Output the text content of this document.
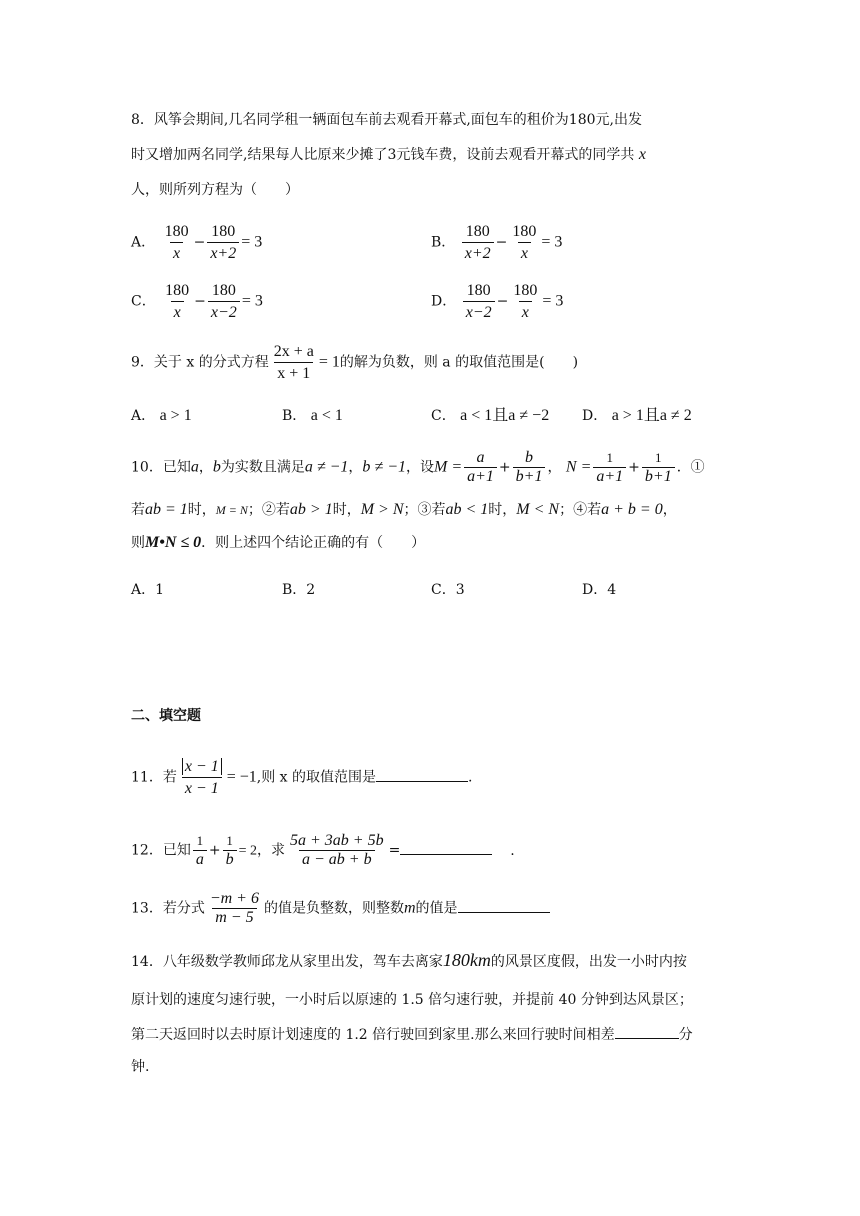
8．风筝会期间,几名同学租一辆面包车前去观看开幕式,面包车的租价为180元,出发
时又增加两名同学,结果每人比原来少摊了3元钱车费，设前去观看开幕式的同学共 x
人，则所列方程为（　　）
A． $\frac{180}{x} - \frac{180}{x+2} = 3$	B． $\frac{180}{x+2} - \frac{180}{x} = 3$
C． $\frac{180}{x} - \frac{180}{x-2} = 3$	D． $\frac{180}{x-2} - \frac{180}{x} = 3$
9．关于 x 的分式方程 $\frac{2x + a}{x + 1} = 1$的解为负数，则 a 的取值范围是(　　)
A． a > 1	B． a < 1	C． a < 1且a ≠ −2 D． a > 1且a ≠ 2
10．已知a，b为实数且满足a ≠ −1，b ≠ −1，设$M = \frac{a}{a+1} + \frac{b}{b+1}$ ， $N = \frac{1}{a+1} + \frac{1}{b+1}$ ．①
若ab = 1时，M = N；②若ab > 1时，M > N；③若ab < 1时，M < N；④若a + b = 0，
则M•N ≤ 0．则上述四个结论正确的有（　　）
A．1	B．2	C．3	D．4
二、填空题
11．若 $\frac{x - 1}{x - 1} = -1$,则 x 的取值范围是	.
12．已知 $\frac{1}{a} + \frac{1}{b} = 2$，求 $\frac{5a + 3ab + 5b}{a - ab + b}$ =	.
13．若分式 $\frac{-m + 6}{m - 5}$ 的值是负整数，则整数m的值是
14．八年级数学教师邱龙从家里出发，驾车去离家180km的风景区度假，出发一小时内按
原计划的速度匀速行驶，一小时后以原速的 1.5 倍匀速行驶，并提前 40 分钟到达风景区；
第二天返回时以去时原计划速度的 1.2 倍行驶回到家里.那么来回行驶时间相差	分
钟.
